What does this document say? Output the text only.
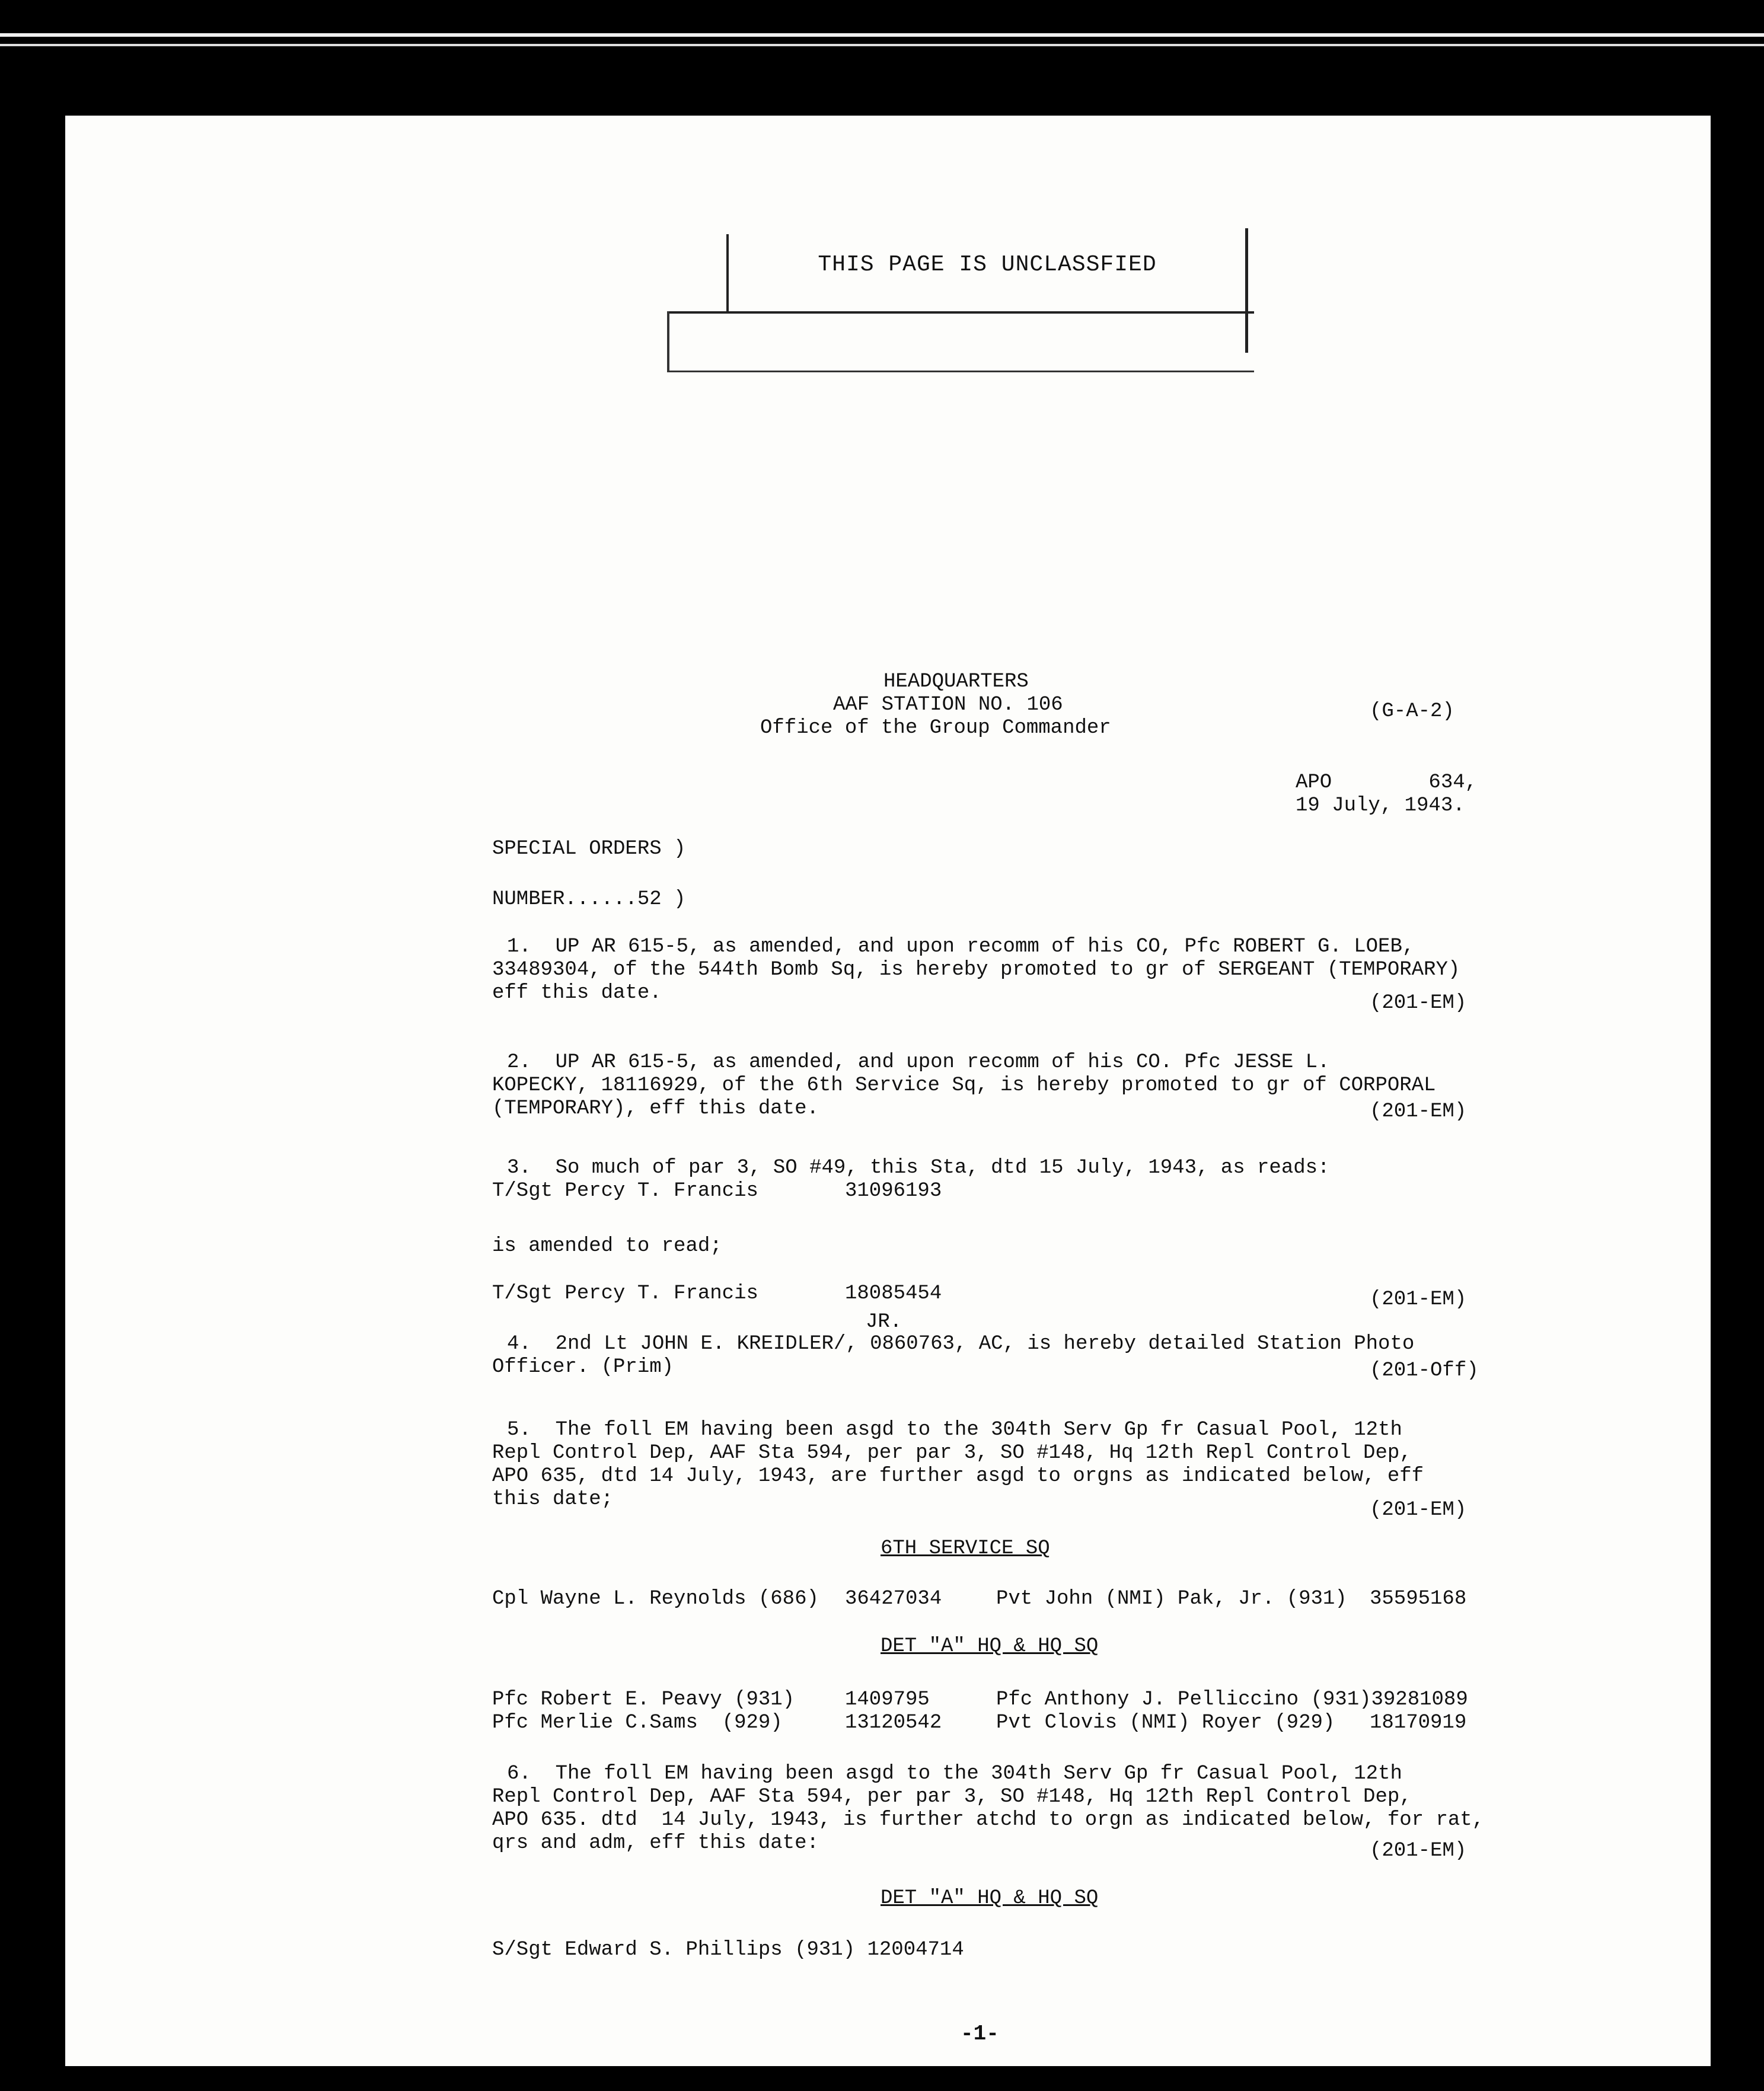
THIS PAGE IS UNCLASSFIED
HEADQUARTERS
AAF STATION NO. 106
Office of the Group Commander
(G-A-2)
APO        634,
19 July, 1943.
SPECIAL ORDERS )
NUMBER......52 )
1.  UP AR 615-5, as amended, and upon recomm of his CO, Pfc ROBERT G. LOEB,
33489304, of the 544th Bomb Sq, is hereby promoted to gr of SERGEANT (TEMPORARY)
eff this date.	(201-EM)
2.  UP AR 615-5, as amended, and upon recomm of his CO. Pfc JESSE L.
KOPECKY, 18116929, of the 6th Service Sq, is hereby promoted to gr of CORPORAL
(TEMPORARY), eff this date.	(201-EM)
3.  So much of par 3, SO #49, this Sta, dtd 15 July, 1943, as reads:
T/Sgt Percy T. Francis	31096193
is amended to read;
T/Sgt Percy T. Francis	18085454	(201-EM)
JR.
4.  2nd Lt JOHN E. KREIDLER/, 0860763, AC, is hereby detailed Station Photo
Officer. (Prim)	(201-Off)
5.  The foll EM having been asgd to the 304th Serv Gp fr Casual Pool, 12th
Repl Control Dep, AAF Sta 594, per par 3, SO #148, Hq 12th Repl Control Dep,
APO 635, dtd 14 July, 1943, are further asgd to orgns as indicated below, eff
this date;	(201-EM)
6TH SERVICE SQ
Cpl Wayne L. Reynolds (686) 36427034	Pvt John (NMI) Pak, Jr. (931) 35595168
DET "A" HQ & HQ SQ
Pfc Robert E. Peavy (931) 1409795	Pfc Anthony J. Pelliccino (931)39281089
Pfc Merlie C.Sams  (929)	13120542	Pvt Clovis (NMI) Royer (929) 18170919
6.  The foll EM having been asgd to the 304th Serv Gp fr Casual Pool, 12th
Repl Control Dep, AAF Sta 594, per par 3, SO #148, Hq 12th Repl Control Dep,
APO 635. dtd  14 July, 1943, is further atchd to orgn as indicated below, for rat,
qrs and adm, eff this date:	(201-EM)
DET "A" HQ & HQ SQ
S/Sgt Edward S. Phillips (931) 12004714
-1-
